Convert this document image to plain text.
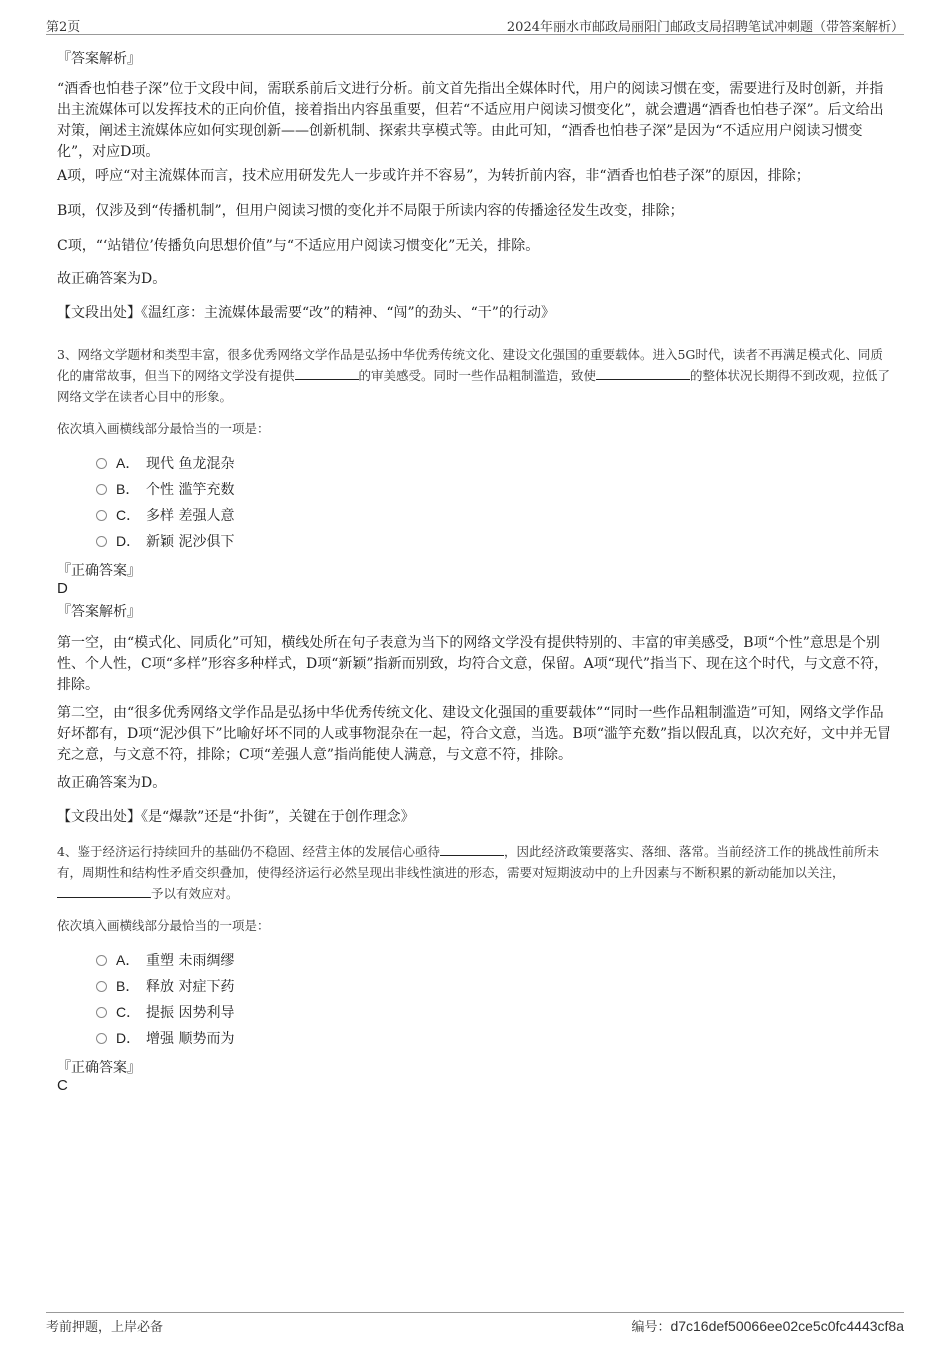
第2页	2024年丽水市邮政局丽阳门邮政支局招聘笔试冲刺题（带答案解析）
『答案解析』

“酒香也怕巷子深”位于文段中间，需联系前后文进行分析。前文首先指出全媒体时代，用户的阅读习惯在变，需要进行及时创新，并指出主流媒体可以发挥技术的正向价值，接着指出内容虽重要，但若“不适应用户阅读习惯变化”，就会遭遇“酒香也怕巷子深”。后文给出对策，阐述主流媒体应如何实现创新——创新机制、探索共享模式等。由此可知，“酒香也怕巷子深”是因为“不适应用户阅读习惯变化”，对应D项。

A项，呼应“对主流媒体而言，技术应用研发先人一步或许并不容易”，为转折前内容，非“酒香也怕巷子深”的原因，排除；

B项，仅涉及到“传播机制”，但用户阅读习惯的变化并不局限于所读内容的传播途径发生改变，排除；

C项，“‘站错位’传播负向思想价值”与“不适应用户阅读习惯变化”无关，排除。

故正确答案为D。

【文段出处】《温红彦：主流媒体最需要“改”的精神、“闯”的劲头、“干”的行动》

3、网络文学题材和类型丰富，很多优秀网络文学作品是弘扬中华优秀传统文化、建设文化强国的重要载体。进入5G时代，读者不再满足模式化、同质化的庸常故事，但当下的网络文学没有提供	的审美感受。同时一些作品粗制滥造，致使	的整体状况长期得不到改观，拉低了网络文学在读者心目中的形象。

依次填入画横线部分最恰当的一项是：

A． 现代 鱼龙混杂
B． 个性 滥竽充数
C． 多样 差强人意
D． 新颖 泥沙俱下
『正确答案』
D
『答案解析』

第一空，由“模式化、同质化”可知，横线处所在句子表意为当下的网络文学没有提供特别的、丰富的审美感受，B项“个性”意思是个别性、个人性，C项“多样”形容多种样式，D项“新颖”指新而别致，均符合文意，保留。A项“现代”指当下、现在这个时代，与文意不符，排除。

第二空，由“很多优秀网络文学作品是弘扬中华优秀传统文化、建设文化强国的重要载体”“同时一些作品粗制滥造”可知，网络文学作品好坏都有，D项“泥沙俱下”比喻好坏不同的人或事物混杂在一起，符合文意，当选。B项“滥竽充数”指以假乱真，以次充好，文中并无冒充之意，与文意不符，排除；C项“差强人意”指尚能使人满意，与文意不符，排除。

故正确答案为D。

【文段出处】《是“爆款”还是“扑街”，关键在于创作理念》

4、鉴于经济运行持续回升的基础仍不稳固、经营主体的发展信心亟待	，因此经济政策要落实、落细、落常。当前经济工作的挑战性前所未有，周期性和结构性矛盾交织叠加，使得经济运行必然呈现出非线性演进的形态，需要对短期波动中的上升因素与不断积累的新动能加以关注，予以有效应对。

依次填入画横线部分最恰当的一项是：

A． 重塑 未雨绸缪
B． 释放 对症下药
C． 提振 因势利导
D． 增强 顺势而为
『正确答案』
C
考前押题，上岸必备	编号：d7c16def50066ee02ce5c0fc4443cf8a
